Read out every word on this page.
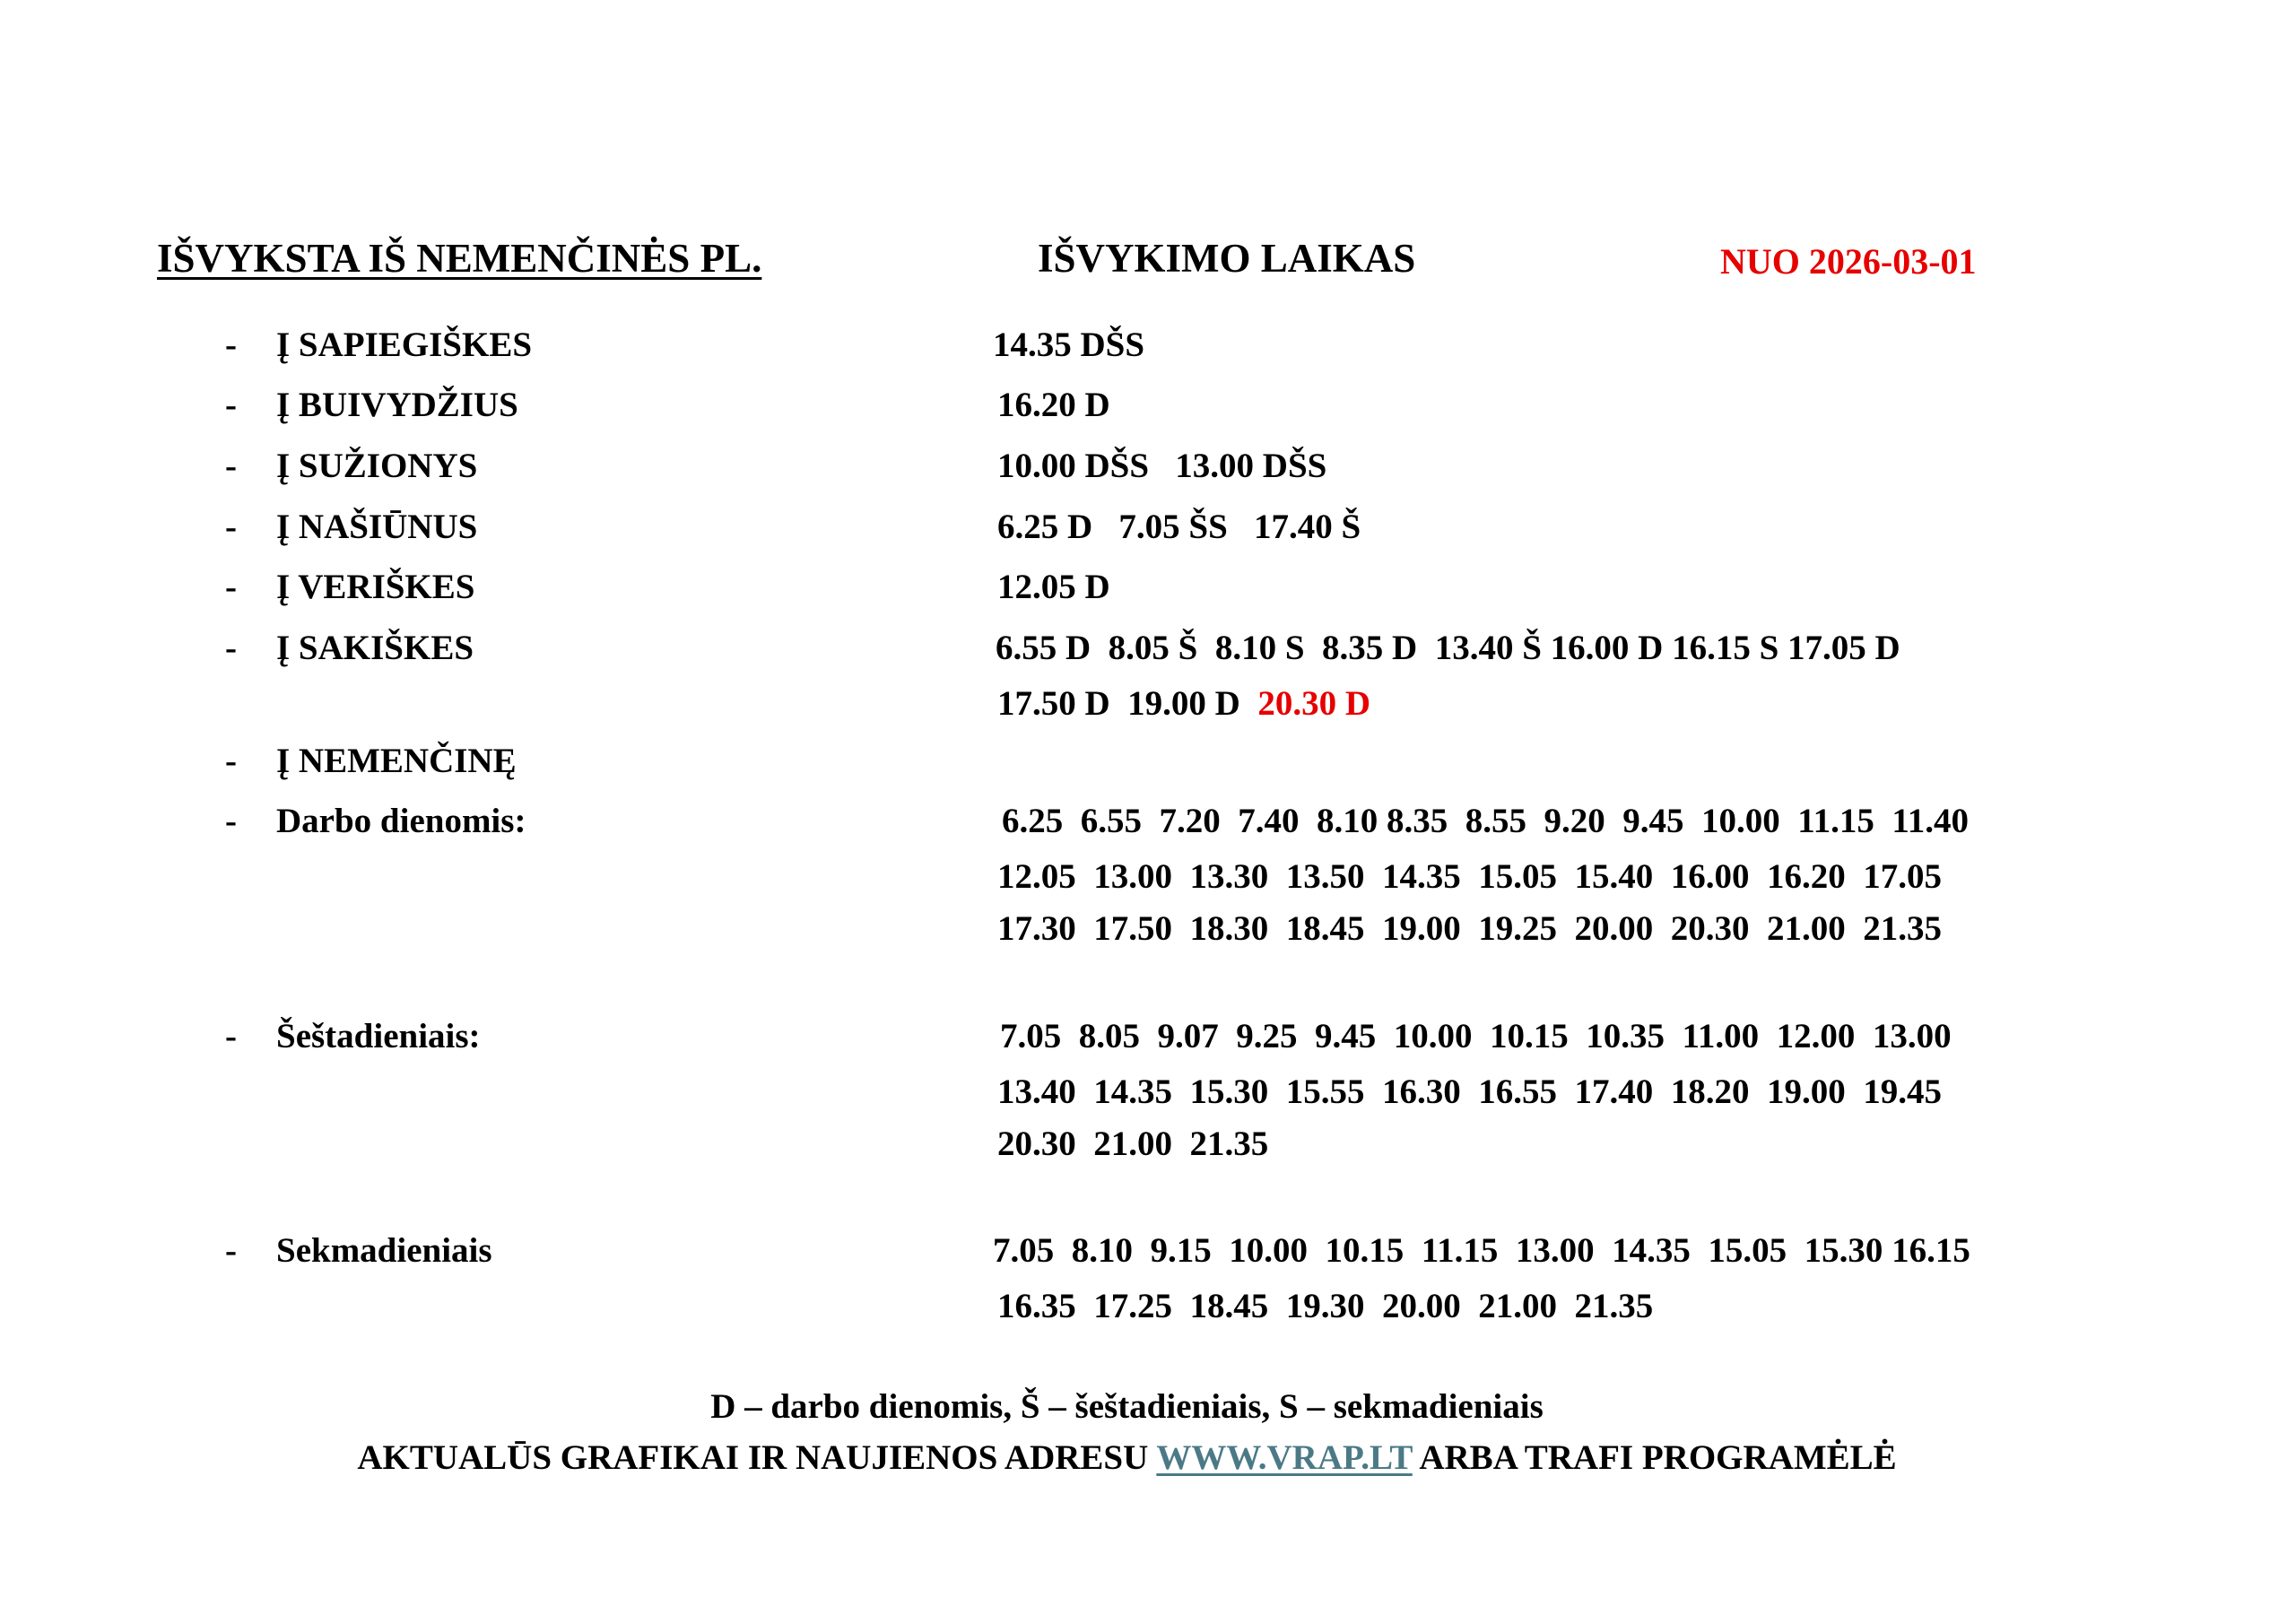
IŠVYKSTA IŠ NEMENČINĖS PL.	IŠVYKIMO LAIKAS	NUO 2026-03-01
- Į SAPIEGIŠKES	14.35 DŠS
- Į BUIVYDŽIUS	16.20 D
- Į SUŽIONYS	10.00 DŠS   13.00 DŠS
- Į NAŠIŪNUS	6.25 D   7.05 ŠS   17.40 Š
- Į VERIŠKES	12.05 D
- Į SAKIŠKES	6.55 D  8.05 Š  8.10 S  8.35 D  13.40 Š 16.00 D 16.15 S 17.05 D
17.50 D  19.00 D  20.30 D
- Į NEMENČINĘ
- Darbo dienomis:	6.25  6.55  7.20  7.40  8.10 8.35  8.55  9.20  9.45  10.00  11.15  11.40
12.05  13.00  13.30  13.50  14.35  15.05  15.40  16.00  16.20  17.05
17.30  17.50  18.30  18.45  19.00  19.25  20.00  20.30  21.00  21.35
- Šeštadieniais:	7.05  8.05  9.07  9.25  9.45  10.00  10.15  10.35  11.00  12.00  13.00
13.40  14.35  15.30  15.55  16.30  16.55  17.40  18.20  19.00  19.45
20.30  21.00  21.35
- Sekmadieniais	7.05  8.10  9.15  10.00  10.15  11.15  13.00  14.35  15.05  15.30 16.15
16.35  17.25  18.45  19.30  20.00  21.00  21.35
D – darbo dienomis, Š – šeštadieniais, S – sekmadieniais
AKTUALŪS GRAFIKAI IR NAUJIENOS ADRESU WWW.VRAP.LT ARBA TRAFI PROGRAMĖLĖ
